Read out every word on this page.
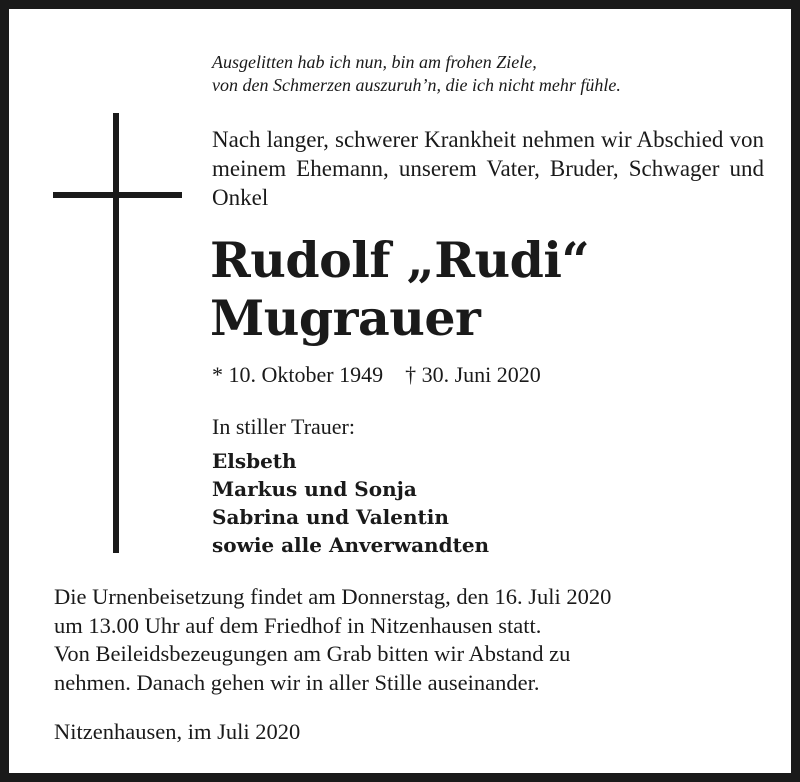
Ausgelitten hab ich nun, bin am frohen Ziele,
von den Schmerzen auszuruh’n, die ich nicht mehr fühle.
Nach langer, schwerer Krankheit nehmen wir Abschied von meinem Ehemann, unserem Vater, Bruder, Schwager und Onkel
Rudolf „Rudi“
Mugrauer
* 10. Oktober 1949 † 30. Juni 2020
In stiller Trauer:
Elsbeth
Markus und Sonja
Sabrina und Valentin
sowie alle Anverwandten
Die Urnenbeisetzung findet am Donnerstag, den 16. Juli 2020
um 13.00 Uhr auf dem Friedhof in Nitzenhausen statt.
Von Beileidsbezeugungen am Grab bitten wir Abstand zu
nehmen. Danach gehen wir in aller Stille auseinander.
Nitzenhausen, im Juli 2020
